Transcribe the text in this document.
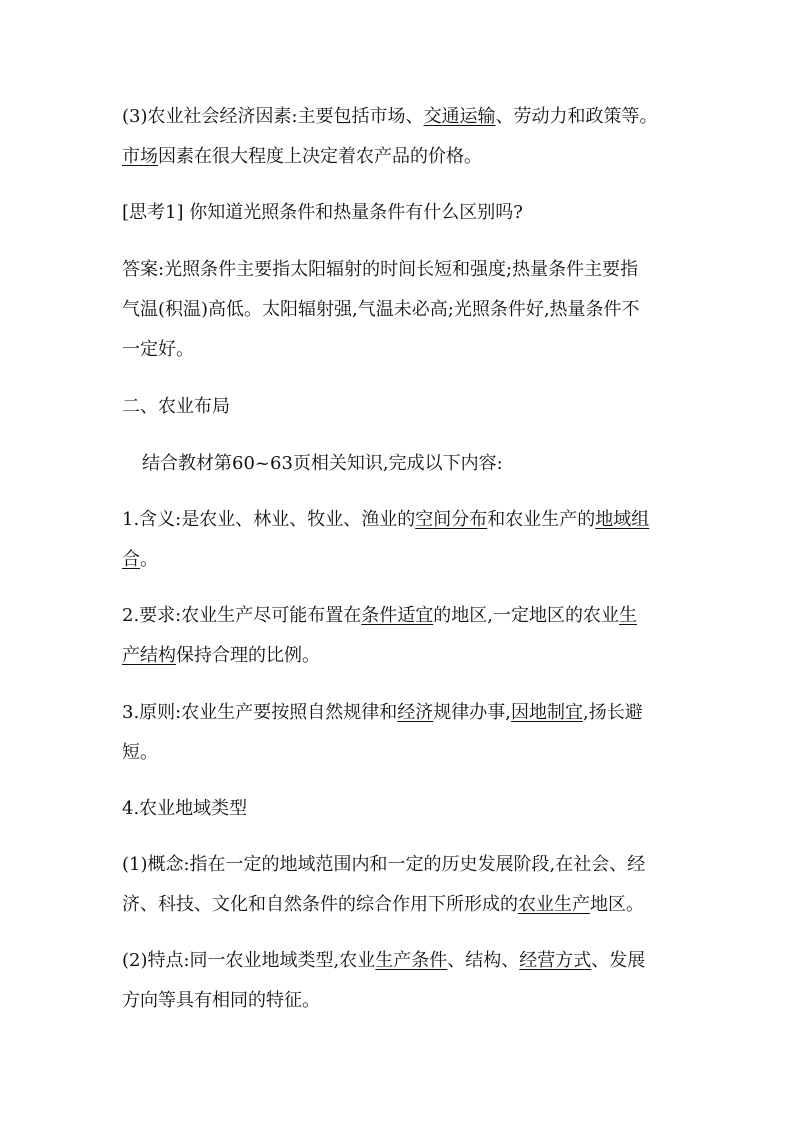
(3)农业社会经济因素:主要包括市场、交通运输、劳动力和政策等。
市场因素在很大程度上决定着农产品的价格。
[思考1] 你知道光照条件和热量条件有什么区别吗?
答案:光照条件主要指太阳辐射的时间长短和强度;热量条件主要指
气温(积温)高低。太阳辐射强,气温未必高;光照条件好,热量条件不
一定好。
二、农业布局
结合教材第60~63页相关知识,完成以下内容:
1.含义:是农业、林业、牧业、渔业的空间分布和农业生产的地域组
合。
2.要求:农业生产尽可能布置在条件适宜的地区,一定地区的农业生
产结构保持合理的比例。
3.原则:农业生产要按照自然规律和经济规律办事,因地制宜,扬长避
短。
4.农业地域类型
(1)概念:指在一定的地域范围内和一定的历史发展阶段,在社会、经
济、科技、文化和自然条件的综合作用下所形成的农业生产地区。
(2)特点:同一农业地域类型,农业生产条件、结构、经营方式、发展
方向等具有相同的特征。
